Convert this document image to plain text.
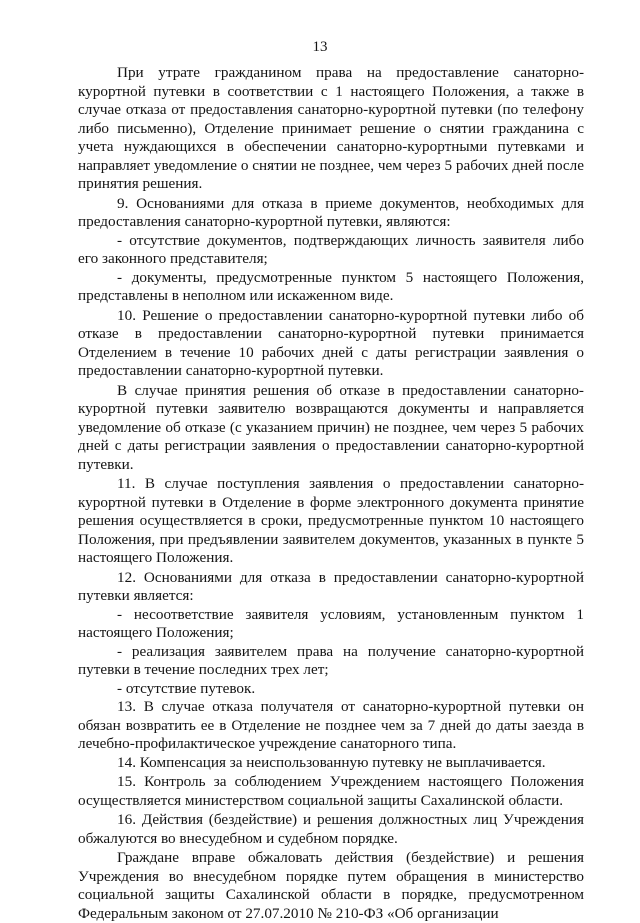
13

При утрате гражданином права на предоставление санаторно-курортной путевки в соответствии с 1 настоящего Положения, а также в случае отказа от предоставления санаторно-курортной путевки (по телефону либо письменно), Отделение принимает решение о снятии гражданина с учета нуждающихся в обеспечении санаторно-курортными путевками и направляет уведомление о снятии не позднее, чем через 5 рабочих дней после принятия решения.

9. Основаниями для отказа в приеме документов, необходимых для предоставления санаторно-курортной путевки, являются:

- отсутствие документов, подтверждающих личность заявителя либо его законного представителя;

- документы, предусмотренные пунктом 5 настоящего Положения, представлены в неполном или искаженном виде.

10. Решение о предоставлении санаторно-курортной путевки либо об отказе в предоставлении санаторно-курортной путевки принимается Отделением в течение 10 рабочих дней с даты регистрации заявления о предоставлении санаторно-курортной путевки.

В случае принятия решения об отказе в предоставлении санаторно-курортной путевки заявителю возвращаются документы и направляется уведомление об отказе (с указанием причин) не позднее, чем через 5 рабочих дней с даты регистрации заявления о предоставлении санаторно-курортной путевки.

11. В случае поступления заявления о предоставлении санаторно-курортной путевки в Отделение в форме электронного документа принятие решения осуществляется в сроки, предусмотренные пунктом 10 настоящего Положения, при предъявлении заявителем документов, указанных в пункте 5 настоящего Положения.

12. Основаниями для отказа в предоставлении санаторно-курортной путевки является:

- несоответствие заявителя условиям, установленным пунктом 1 настоящего Положения;

- реализация заявителем права на получение санаторно-курортной путевки в течение последних трех лет;

- отсутствие путевок.

13. В случае отказа получателя от санаторно-курортной путевки он обязан возвратить ее в Отделение не позднее чем за 7 дней до даты заезда в лечебно-профилактическое учреждение санаторного типа.

14. Компенсация за неиспользованную путевку не выплачивается.

15. Контроль за соблюдением Учреждением настоящего Положения осуществляется министерством социальной защиты Сахалинской области.

16. Действия (бездействие) и решения должностных лиц Учреждения обжалуются во внесудебном и судебном порядке.

Граждане вправе обжаловать действия (бездействие) и решения Учреждения во внесудебном порядке путем обращения в министерство социальной защиты Сахалинской области в порядке, предусмотренном Федеральным законом от 27.07.2010 № 210-ФЗ «Об организации
